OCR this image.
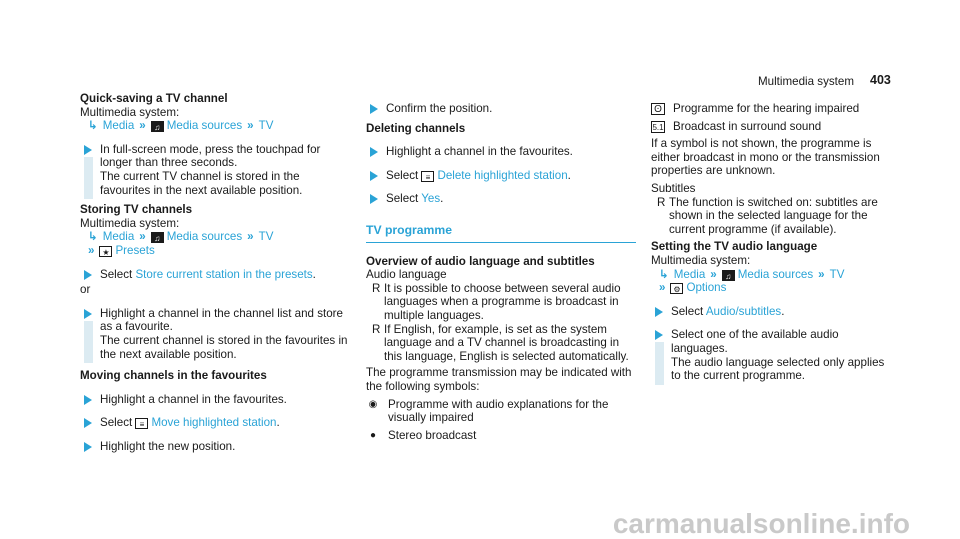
Multimedia system 403

Quick-saving a TV channel

Multimedia system:

↳ Media » ♫ Media sources » TV

In full-screen mode, press the touchpad for longer than three seconds.

The current TV channel is stored in the favourites in the next available position.

Storing TV channels

Multimedia system:

↳ Media » ♫ Media sources » TV

» ★ Presets

Select Store current station in the presets.

or

Highlight a channel in the channel list and store as a favourite.

The current channel is stored in the favourites in the next available position.

Moving channels in the favourites

Highlight a channel in the favourites.

Select ≡ Move highlighted station.

Highlight the new position.

Confirm the position.

Deleting channels

Highlight a channel in the favourites.

Select ≡ Delete highlighted station.

Select Yes.

TV programme

Overview of audio language and subtitles

Audio language

R It is possible to choose between several audio languages when a programme is broadcast in multiple languages.

R If English, for example, is set as the system language and a TV channel is broadcasting in this language, English is selected automatically.

The programme transmission may be indicated with the following symbols:

◉ Programme with audio explanations for the visually impaired

●	Stereo broadcast

ʘ Programme for the hearing impaired

5.1 Broadcast in surround sound

If a symbol is not shown, the programme is either broadcast in mono or the transmission properties are unknown.

Subtitles

R The function is switched on: subtitles are shown in the selected language for the current programme (if available).

Setting the TV audio language

Multimedia system:

↳ Media » ♫ Media sources » TV

» ⚙ Options

Select Audio/subtitles.

Select one of the available audio languages.

The audio language selected only applies to the current programme.

carmanualsonline.info
